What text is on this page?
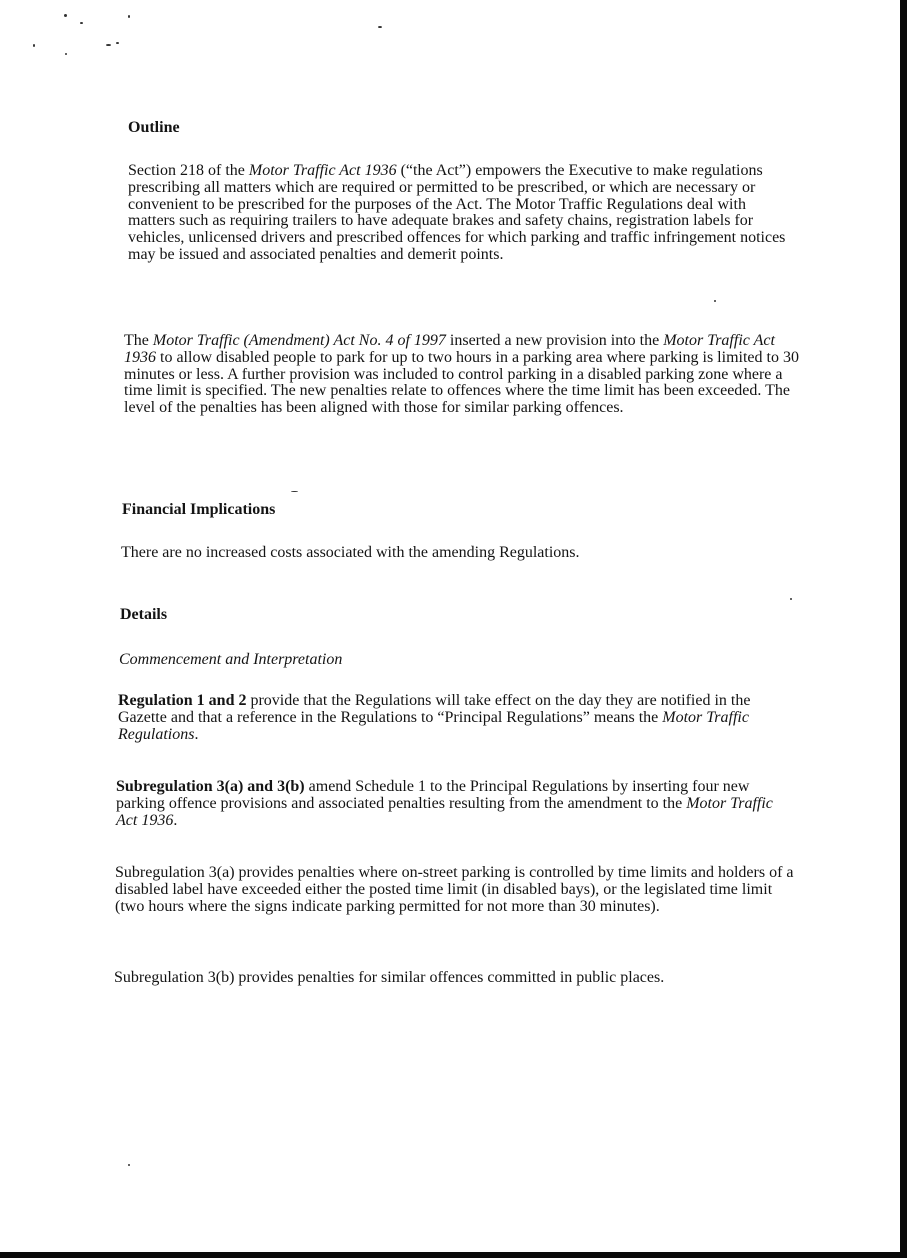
Outline

Section 218 of the Motor Traffic Act 1936 (“the Act”) empowers the Executive to make regulations prescribing all matters which are required or permitted to be prescribed, or which are necessary or convenient to be prescribed for the purposes of the Act. The Motor Traffic Regulations deal with matters such as requiring trailers to have adequate brakes and safety chains, registration labels for vehicles, unlicensed drivers and prescribed offences for which parking and traffic infringement notices may be issued and associated penalties and demerit points.

The Motor Traffic (Amendment) Act No. 4 of 1997 inserted a new provision into the Motor Traffic Act 1936 to allow disabled people to park for up to two hours in a parking area where parking is limited to 30 minutes or less. A further provision was included to control parking in a disabled parking zone where a time limit is specified. The new penalties relate to offences where the time limit has been exceeded. The level of the penalties has been aligned with those for similar parking offences.

Financial Implications

There are no increased costs associated with the amending Regulations.

Details

Commencement and Interpretation

Regulation 1 and 2 provide that the Regulations will take effect on the day they are notified in the Gazette and that a reference in the Regulations to “Principal Regulations” means the Motor Traffic Regulations.

Subregulation 3(a) and 3(b) amend Schedule 1 to the Principal Regulations by inserting four new parking offence provisions and associated penalties resulting from the amendment to the Motor Traffic Act 1936.

Subregulation 3(a) provides penalties where on-street parking is controlled by time limits and holders of a disabled label have exceeded either the posted time limit (in disabled bays), or the legislated time limit (two hours where the signs indicate parking permitted for not more than 30 minutes).

Subregulation 3(b) provides penalties for similar offences committed in public places.
